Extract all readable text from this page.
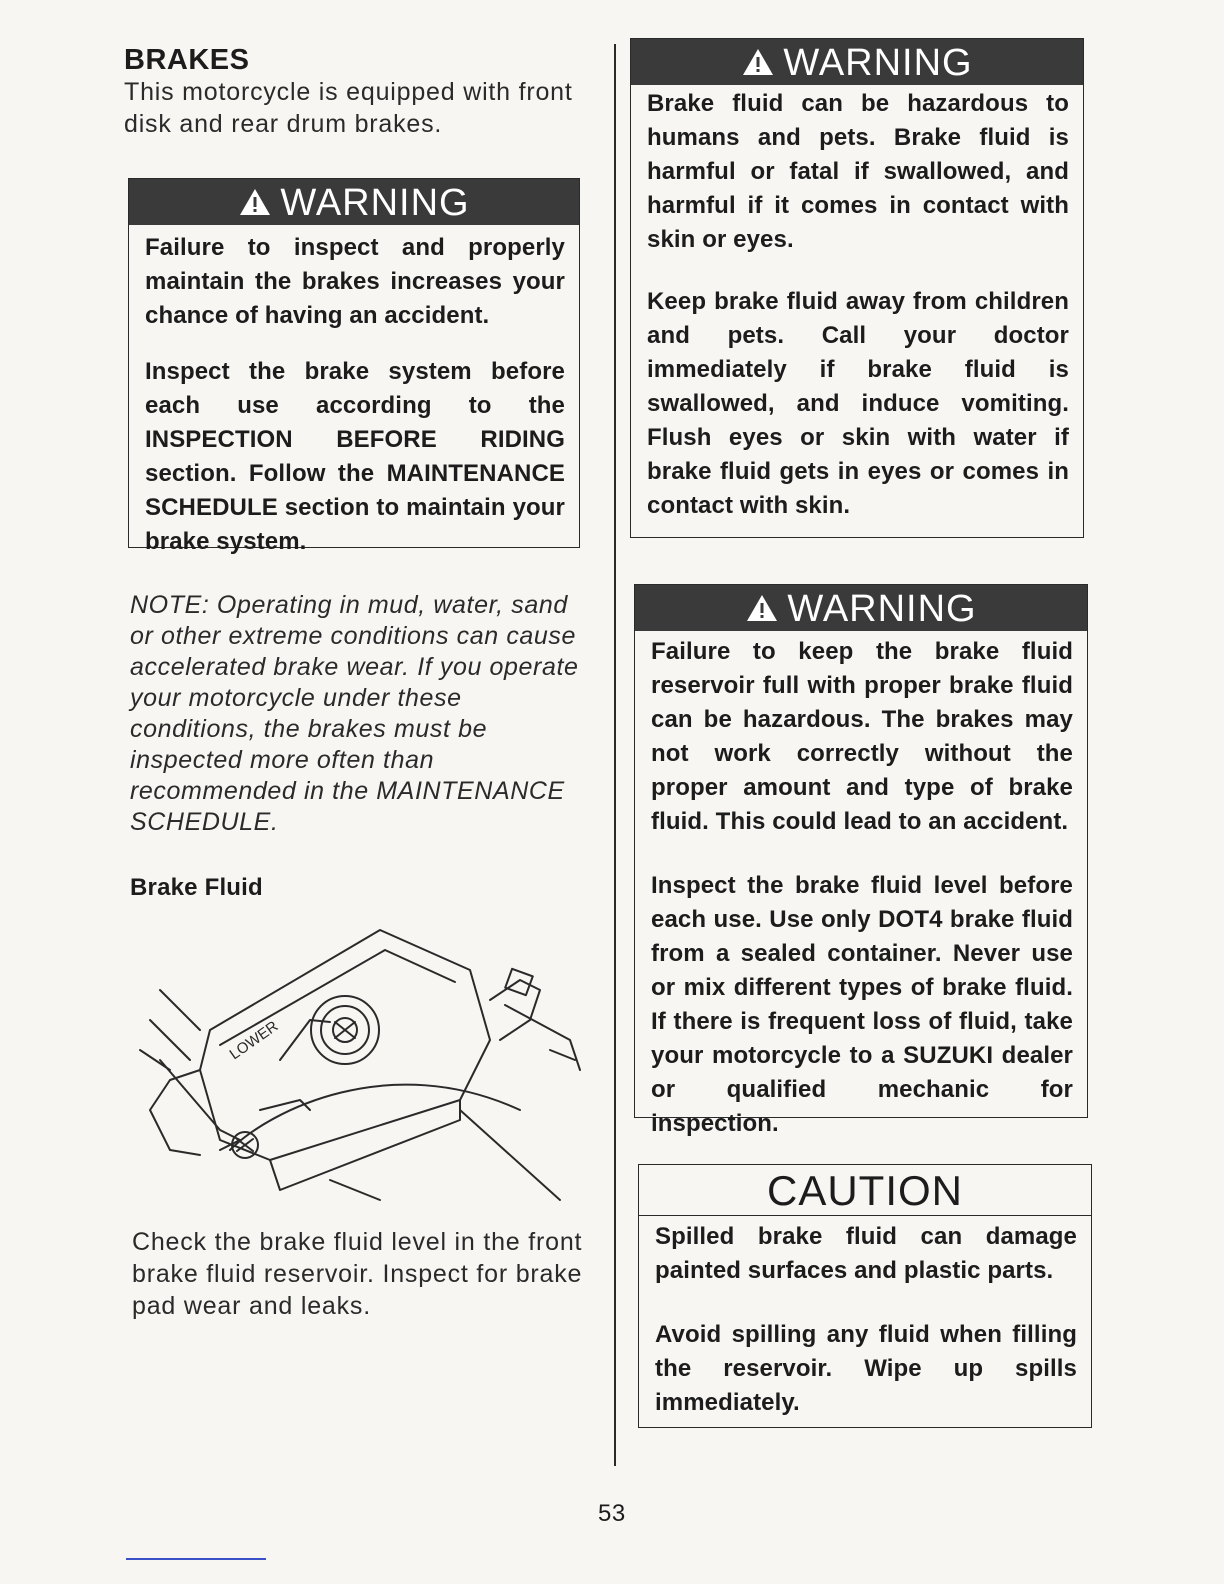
BRAKES
This motorcycle is equipped with front disk and rear drum brakes.
WARNING

Failure to inspect and properly maintain the brakes increases your chance of having an accident.

Inspect the brake system before each use according to the INSPECTION BEFORE RIDING section. Follow the MAINTENANCE SCHEDULE section to maintain your brake system.

NOTE: Operating in mud, water, sand or other extreme conditions can cause accelerated brake wear. If you operate your motorcycle under these conditions, the brakes must be inspected more often than recommended in the MAINTENANCE SCHEDULE.
Brake Fluid
LOWER
Check the brake fluid level in the front brake fluid reservoir. Inspect for brake pad wear and leaks.
WARNING

Brake fluid can be hazardous to humans and pets. Brake fluid is harmful or fatal if swallowed, and harmful if it comes in contact with skin or eyes.

Keep brake fluid away from children and pets. Call your doctor immediately if brake fluid is swallowed, and induce vomiting. Flush eyes or skin with water if brake fluid gets in eyes or comes in contact with skin.

WARNING

Failure to keep the brake fluid reservoir full with proper brake fluid can be hazardous. The brakes may not work correctly without the proper amount and type of brake fluid. This could lead to an accident.

Inspect the brake fluid level before each use. Use only DOT4 brake fluid from a sealed container. Never use or mix different types of brake fluid. If there is frequent loss of fluid, take your motorcycle to a SUZUKI dealer or qualified mechanic for inspection.

CAUTION

Spilled brake fluid can damage painted surfaces and plastic parts.

Avoid spilling any fluid when filling the reservoir. Wipe up spills immediately.

53
